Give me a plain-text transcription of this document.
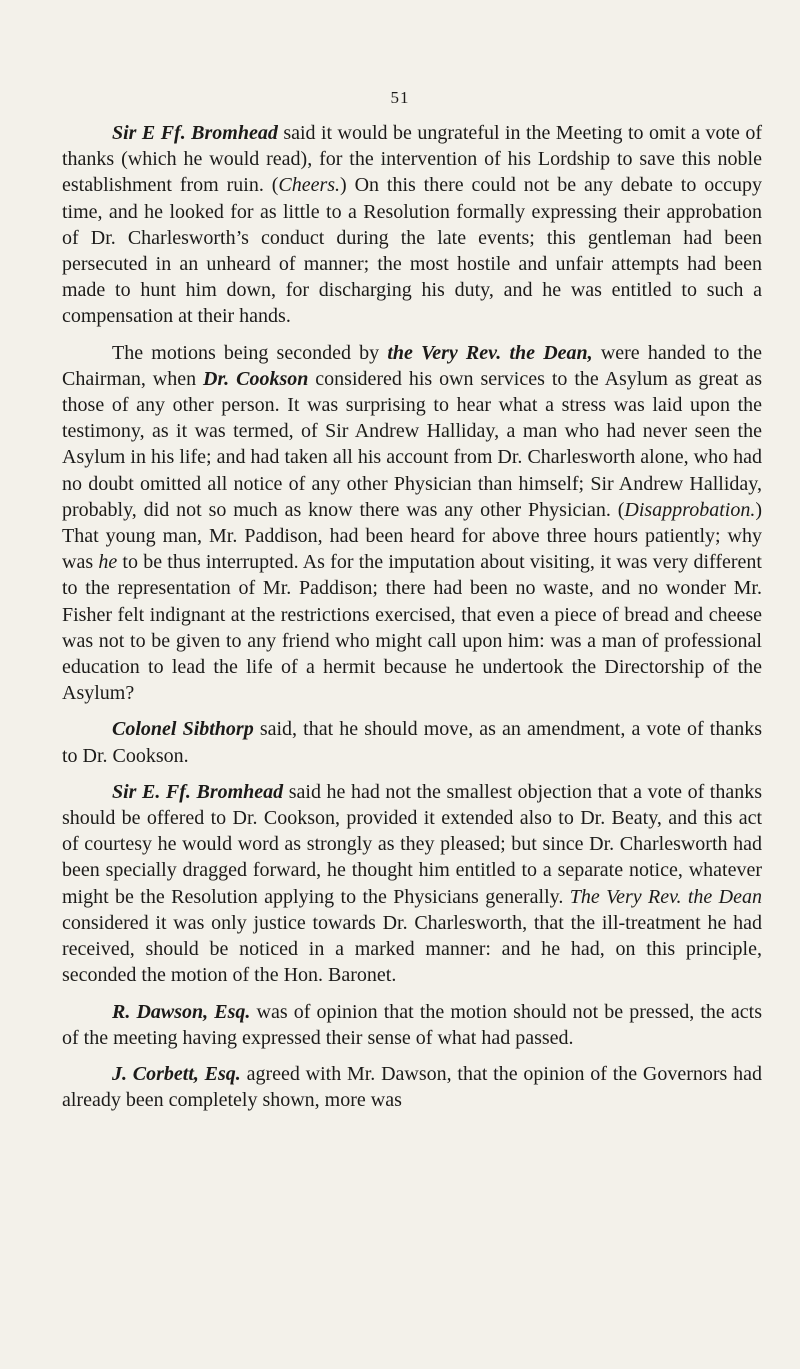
51

Sir E Ff. Bromhead said it would be ungrateful in the Meeting to omit a vote of thanks (which he would read), for the intervention of his Lordship to save this noble establishment from ruin. (Cheers.) On this there could not be any debate to occupy time, and he looked for as little to a Resolution formally expressing their approbation of Dr. Charlesworth’s conduct during the late events; this gentleman had been persecuted in an unheard of manner; the most hostile and unfair attempts had been made to hunt him down, for discharging his duty, and he was entitled to such a compensation at their hands.

The motions being seconded by the Very Rev. the Dean, were handed to the Chairman, when Dr. Cookson considered his own services to the Asylum as great as those of any other person. It was surprising to hear what a stress was laid upon the testimony, as it was termed, of Sir Andrew Halliday, a man who had never seen the Asylum in his life; and had taken all his account from Dr. Charlesworth alone, who had no doubt omitted all notice of any other Physician than himself; Sir Andrew Halliday, probably, did not so much as know there was any other Physician. (Disapprobation.) That young man, Mr. Paddison, had been heard for above three hours patiently; why was he to be thus interrupted. As for the imputation about visiting, it was very different to the representation of Mr. Paddison; there had been no waste, and no wonder Mr. Fisher felt indignant at the restrictions exercised, that even a piece of bread and cheese was not to be given to any friend who might call upon him: was a man of professional education to lead the life of a hermit because he undertook the Directorship of the Asylum?

Colonel Sibthorp said, that he should move, as an amendment, a vote of thanks to Dr. Cookson.

Sir E. Ff. Bromhead said he had not the smallest objection that a vote of thanks should be offered to Dr. Cookson, provided it extended also to Dr. Beaty, and this act of courtesy he would word as strongly as they pleased; but since Dr. Charlesworth had been specially dragged forward, he thought him entitled to a separate notice, whatever might be the Resolution applying to the Physicians generally. The Very Rev. the Dean considered it was only justice towards Dr. Charlesworth, that the ill-treatment he had received, should be noticed in a marked manner: and he had, on this principle, seconded the motion of the Hon. Baronet.

R. Dawson, Esq. was of opinion that the motion should not be pressed, the acts of the meeting having expressed their sense of what had passed.

J. Corbett, Esq. agreed with Mr. Dawson, that the opinion of the Governors had already been completely shown, more was
